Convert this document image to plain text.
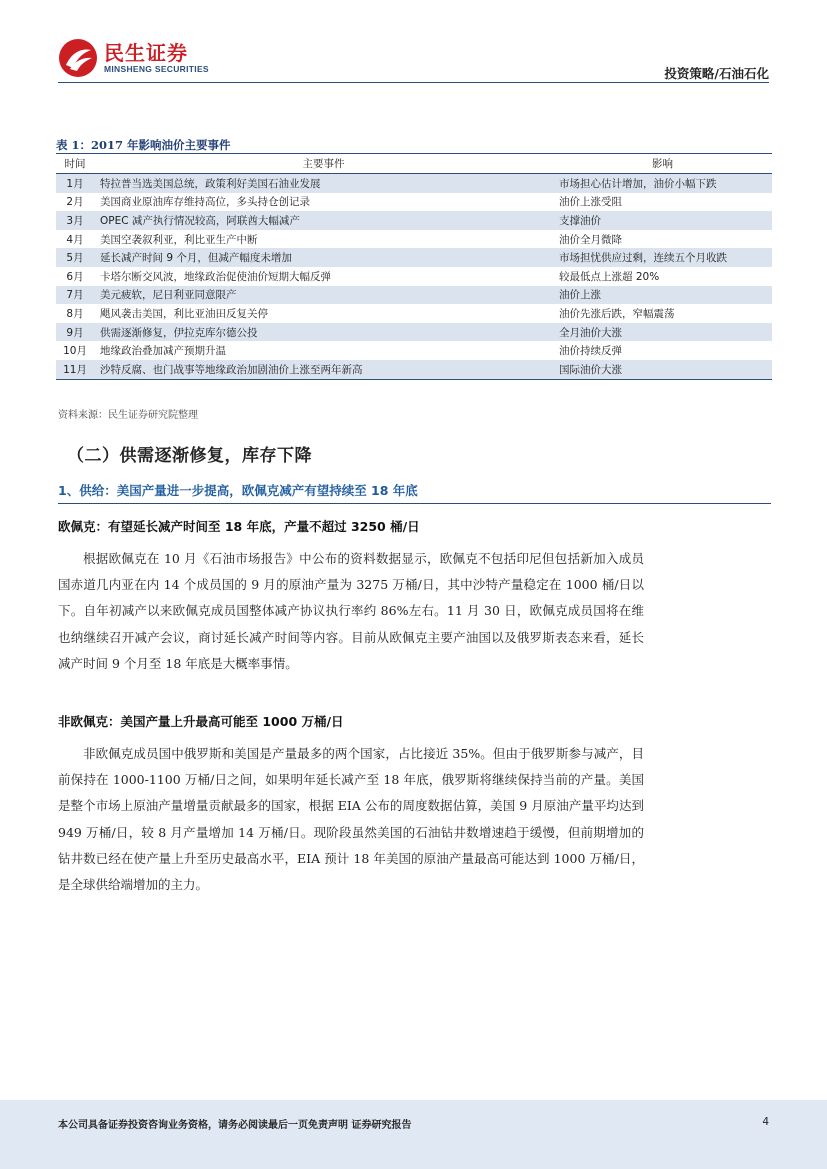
民生证券
MINSHENG SECURITIES	投资策略/石油石化
表 1：2017 年影响油价主要事件
时间	主要事件	影响
1月	特拉普当选美国总统，政策利好美国石油业发展	市场担心估计增加，油价小幅下跌
2月	美国商业原油库存维持高位，多头持仓创记录	油价上涨受阻
3月	OPEC 减产执行情况较高，阿联酋大幅减产	支撑油价
4月	美国空袭叙利亚，利比亚生产中断	油价全月微降
5月	延长减产时间 9 个月，但减产幅度未增加	市场担忧供应过剩，连续五个月收跌
6月	卡塔尔断交风波，地缘政治促使油价短期大幅反弹	较最低点上涨超 20%
7月	美元疲软，尼日利亚同意限产	油价上涨
8月	飓风袭击美国，利比亚油田反复关停	油价先涨后跌，窄幅震荡
9月	供需逐渐修复，伊拉克库尔德公投	全月油价大涨
10月	地缘政治叠加减产预期升温	油价持续反弹
11月	沙特反腐、也门战事等地缘政治加剧油价上涨至两年新高	国际油价大涨
资料来源：民生证券研究院整理
（二）供需逐渐修复，库存下降
1、供给：美国产量进一步提高，欧佩克减产有望持续至 18 年底
欧佩克：有望延长减产时间至 18 年底，产量不超过 3250 桶/日

根据欧佩克在 10 月《石油市场报告》中公布的资料数据显示，欧佩克不包括印尼但包括新加入成员国赤道几内亚在内 14 个成员国的 9 月的原油产量为 3275 万桶/日，其中沙特产量稳定在 1000 桶/日以下。自年初减产以来欧佩克成员国整体减产协议执行率约 86%左右。11 月 30 日，欧佩克成员国将在维也纳继续召开减产会议，商讨延长减产时间等内容。目前从欧佩克主要产油国以及俄罗斯表态来看，延长减产时间 9 个月至 18 年底是大概率事情。

非欧佩克：美国产量上升最高可能至 1000 万桶/日

非欧佩克成员国中俄罗斯和美国是产量最多的两个国家，占比接近 35%。但由于俄罗斯参与减产，目前保持在 1000-1100 万桶/日之间，如果明年延长减产至 18 年底，俄罗斯将继续保持当前的产量。美国是整个市场上原油产量增量贡献最多的国家，根据 EIA 公布的周度数据估算，美国 9 月原油产量平均达到 949 万桶/日，较 8 月产量增加 14 万桶/日。现阶段虽然美国的石油钻井数增速趋于缓慢，但前期增加的钻井数已经在使产量上升至历史最高水平，EIA 预计 18 年美国的原油产量最高可能达到 1000 万桶/日，是全球供给端增加的主力。

本公司具备证券投资咨询业务资格，请务必阅读最后一页免责声明 证券研究报告	4
